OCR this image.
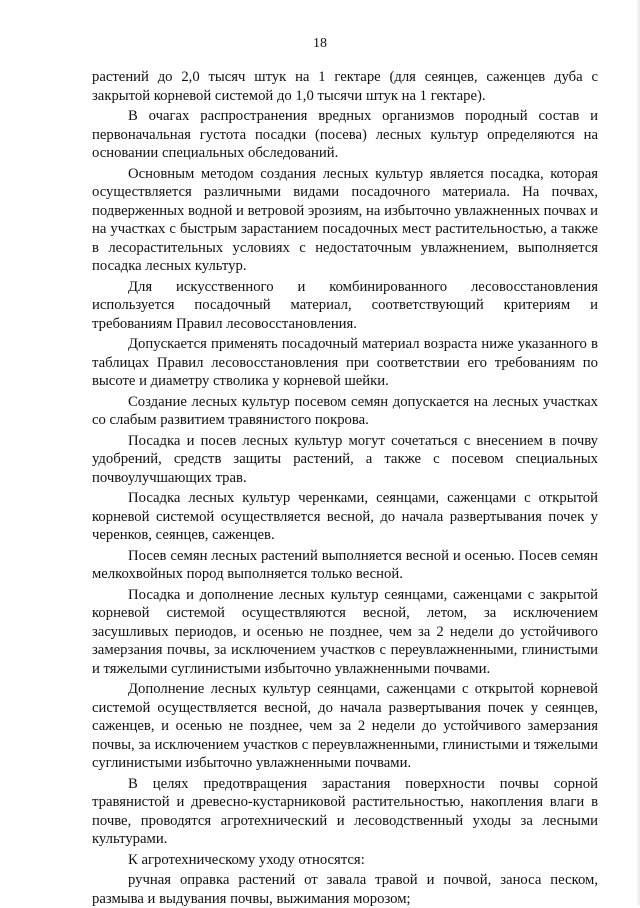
18

растений до 2,0 тысяч штук на 1 гектаре (для сеянцев, саженцев дуба с закрытой корневой системой до 1,0 тысячи штук на 1 гектаре).

В очагах распространения вредных организмов породный состав и первоначальная густота посадки (посева) лесных культур определяются на основании специальных обследований.

Основным методом создания лесных культур является посадка, которая осуществляется различными видами посадочного материала. На почвах, подверженных водной и ветровой эрозиям, на избыточно увлажненных почвах и на участках с быстрым зарастанием посадочных мест растительностью, а также в лесорастительных условиях с недостаточным увлажнением, выполняется посадка лесных культур.

Для искусственного и комбинированного лесовосстановления используется посадочный материал, соответствующий критериям и требованиям Правил лесовосстановления.

Допускается применять посадочный материал возраста ниже указанного в таблицах Правил лесовосстановления при соответствии его требованиям по высоте и диаметру стволика у корневой шейки.

Создание лесных культур посевом семян допускается на лесных участках со слабым развитием травянистого покрова.

Посадка и посев лесных культур могут сочетаться с внесением в почву удобрений, средств защиты растений, а также с посевом специальных почвоулучшающих трав.

Посадка лесных культур черенками, сеянцами, саженцами с открытой корневой системой осуществляется весной, до начала развертывания почек у черенков, сеянцев, саженцев.

Посев семян лесных растений выполняется весной и осенью. Посев семян мелкохвойных пород выполняется только весной.

Посадка и дополнение лесных культур сеянцами, саженцами с закрытой корневой системой осуществляются весной, летом, за исключением засушливых периодов, и осенью не позднее, чем за 2 недели до устойчивого замерзания почвы, за исключением участков с переувлажненными, глинистыми и тяжелыми суглинистыми избыточно увлажненными почвами.

Дополнение лесных культур сеянцами, саженцами с открытой корневой системой осуществляется весной, до начала развертывания почек у сеянцев, саженцев, и осенью не позднее, чем за 2 недели до устойчивого замерзания почвы, за исключением участков с переувлажненными, глинистыми и тяжелыми суглинистыми избыточно увлажненными почвами.

В целях предотвращения зарастания поверхности почвы сорной травянистой и древесно-кустарниковой растительностью, накопления влаги в почве, проводятся агротехнический и лесоводственный уходы за лесными культурами.

К агротехническому уходу относятся:

ручная оправка растений от завала травой и почвой, заноса песком, размыва и выдувания почвы, выжимания морозом;
